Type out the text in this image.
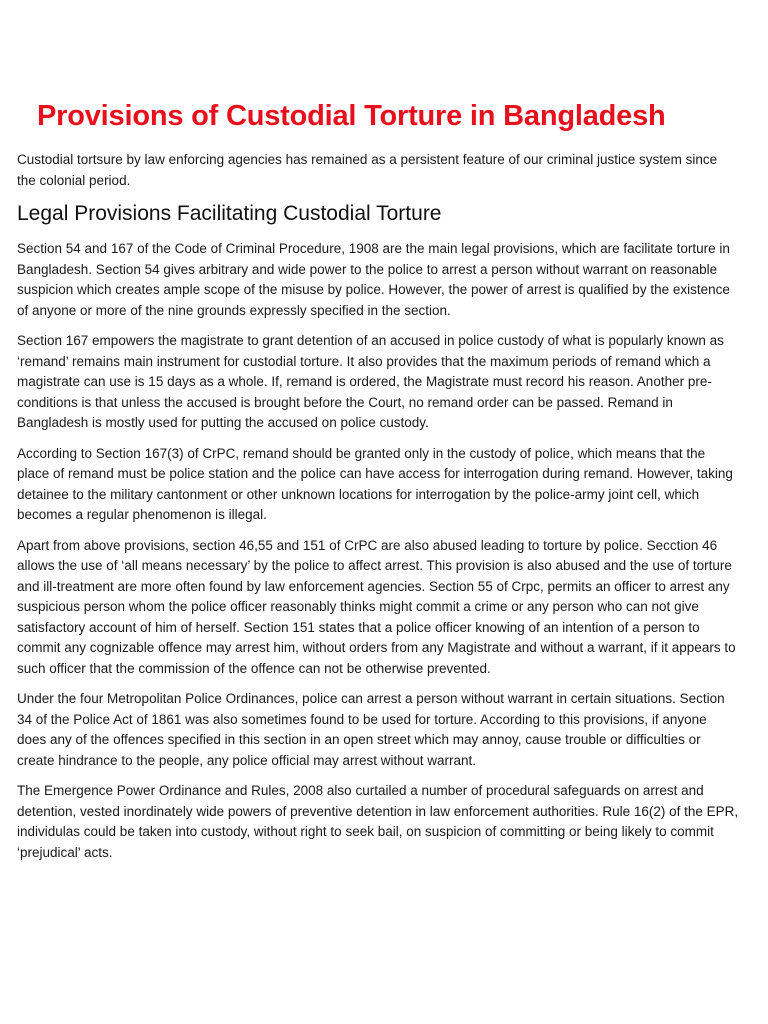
Provisions of Custodial Torture in Bangladesh

Custodial tortsure by law enforcing agencies has remained as a persistent feature of our criminal justice system since the colonial period.

Legal Provisions Facilitating Custodial Torture

Section 54 and 167 of the Code of Criminal Procedure, 1908 are the main legal provisions, which are facilitate torture in Bangladesh. Section 54 gives arbitrary and wide power to the police to arrest a person without warrant on reasonable suspicion which creates ample scope of the misuse by police. However, the power of arrest is qualified by the existence of anyone or more of the nine grounds expressly specified in the section.

Section 167 empowers the magistrate to grant detention of an accused in police custody of what is popularly known as ‘remand’ remains main instrument for custodial torture. It also provides that the maximum periods of remand which a magistrate can use is 15 days as a whole. If, remand is ordered, the Magistrate must record his reason. Another pre-conditions is that unless the accused is brought before the Court, no remand order can be passed. Remand in Bangladesh is mostly used for putting the accused on police custody.

According to Section 167(3) of CrPC, remand should be granted only in the custody of police, which means that the place of remand must be police station and the police can have access for interrogation during remand. However, taking detainee to the military cantonment or other unknown locations for interrogation by the police-army joint cell, which becomes a regular phenomenon is illegal.

Apart from above provisions, section 46,55 and 151 of CrPC are also abused leading to torture by police. Secction 46 allows the use of ‘all means necessary’ by the police to affect arrest. This provision is also abused and the use of torture and ill-treatment are more often found by law enforcement agencies. Section 55 of Crpc, permits an officer to arrest any suspicious person whom the police officer reasonably thinks might commit a crime or any person who can not give satisfactory account of him of herself. Section 151 states that a police officer knowing of an intention of a person to commit any cognizable offence may arrest him, without orders from any Magistrate and without a warrant, if it appears to such officer that the commission of the offence can not be otherwise prevented.

Under the four Metropolitan Police Ordinances, police can arrest a person without warrant in certain situations. Section 34 of the Police Act of 1861 was also sometimes found to be used for torture. According to this provisions, if anyone does any of the offences specified in this section in an open street which may annoy, cause trouble or difficulties or create hindrance to the people, any police official may arrest without warrant.

The Emergence Power Ordinance and Rules, 2008 also curtailed a number of procedural safeguards on arrest and detention, vested inordinately wide powers of preventive detention in law enforcement authorities. Rule 16(2) of the EPR, individulas could be taken into custody, without right to seek bail, on suspicion of committing or being likely to commit ‘prejudical’ acts.
